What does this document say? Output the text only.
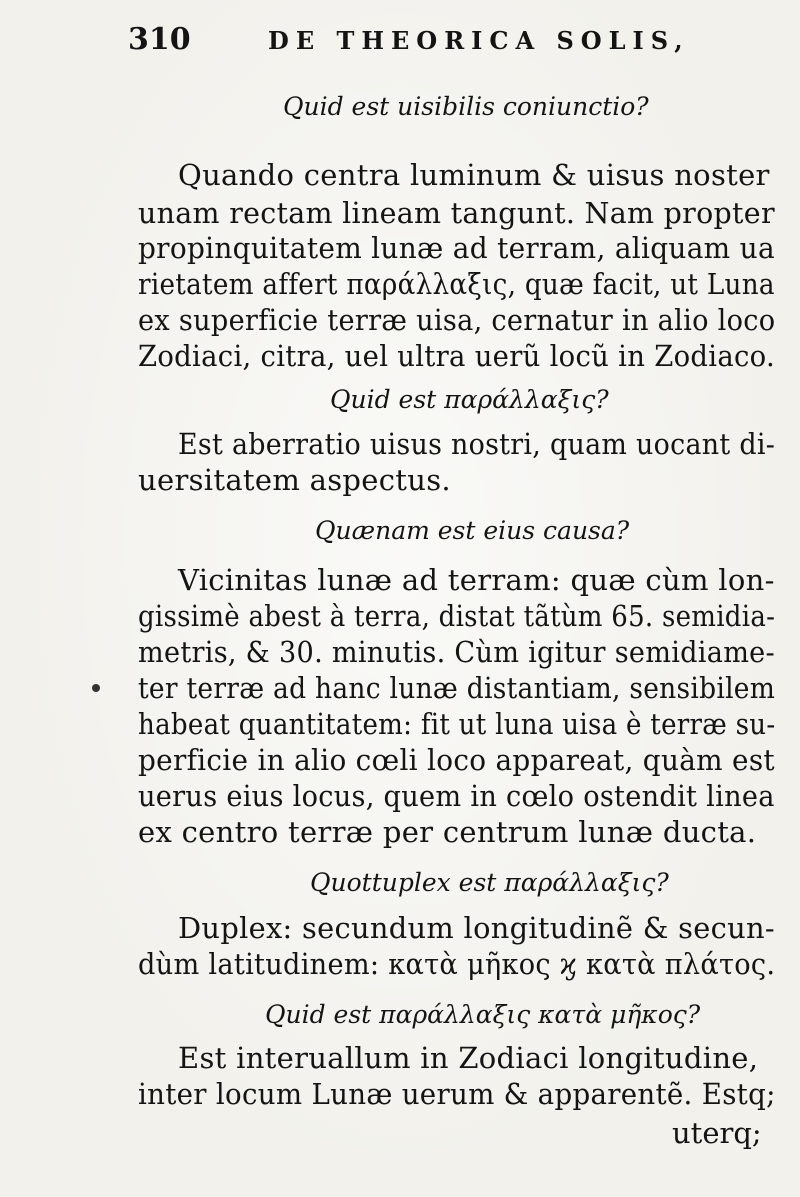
310	DE THEORICA SOLIS,
Quid est uisibilis coniunctio?
Quando centra luminum & uisus noster
unam rectam lineam tangunt. Nam propter
propinquitatem lunæ ad terram, aliquam ua
rietatem affert παράλλαξις, quæ facit, ut Luna
ex superficie terræ uisa, cernatur in alio loco
Zodiaci, citra, uel ultra uerũ locũ in Zodiaco.
Quid est παράλλαξις?
Est aberratio uisus nostri, quam uocant di-
uersitatem aspectus.
Quænam est eius causa?
Vicinitas lunæ ad terram: quæ cùm lon-
gissimè abest à terra, distat tãtùm 65. semidia-
metris, & 30. minutis. Cùm igitur semidiame-
ter terræ ad hanc lunæ distantiam, sensibilem
habeat quantitatem: fit ut luna uisa è terræ su-
perficie in alio cœli loco appareat, quàm est
uerus eius locus, quem in cœlo ostendit linea
ex centro terræ per centrum lunæ ducta.
Quottuplex est παράλλαξις?
Duplex: secundum longitudinẽ & secun-
dùm latitudinem: κατὰ μῆκος ϗ κατὰ πλάτος.
Quid est παράλλαξις κατὰ μῆκος?
Est interuallum in Zodiaci longitudine,
inter locum Lunæ uerum & apparentẽ. Estq;
uterq;
